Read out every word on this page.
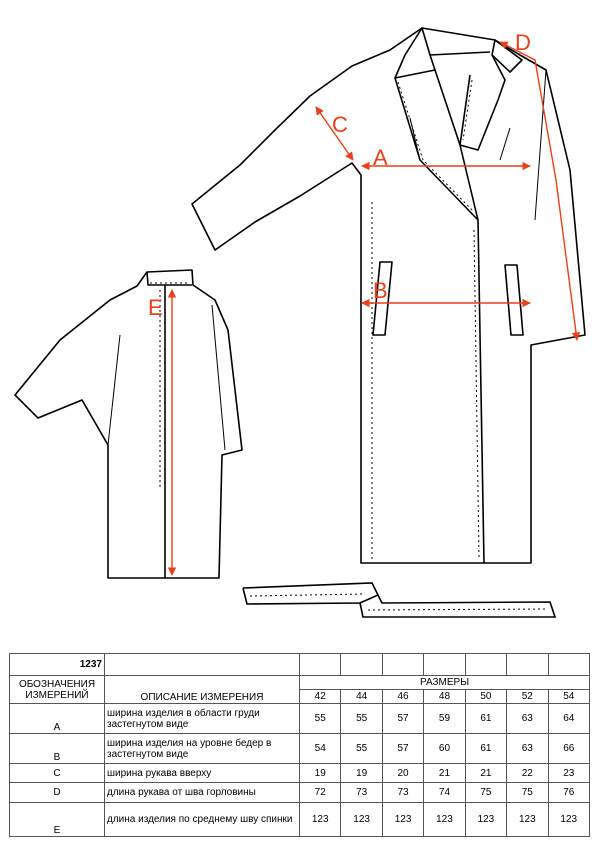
A
B
C
D
E
1237								
ОБОЗНАЧЕНИЯ ИЗМЕРЕНИЙ	ОПИСАНИЕ ИЗМЕРЕНИЯ	РАЗМЕРЫ						
		42	44	46	48	50	52	54
A	ширина изделия в области груди застегнутом виде	55	55	57	59	61	63	64
B	ширина изделия на уровне бедер в застегнутом виде	54	55	57	60	61	63	66
C	ширина рукава вверху	19	19	20	21	21	22	23
D	длина рукава от шва горловины	72	73	73	74	75	75	76
E	длина изделия по среднему шву спинки	123	123	123	123	123	123	123
